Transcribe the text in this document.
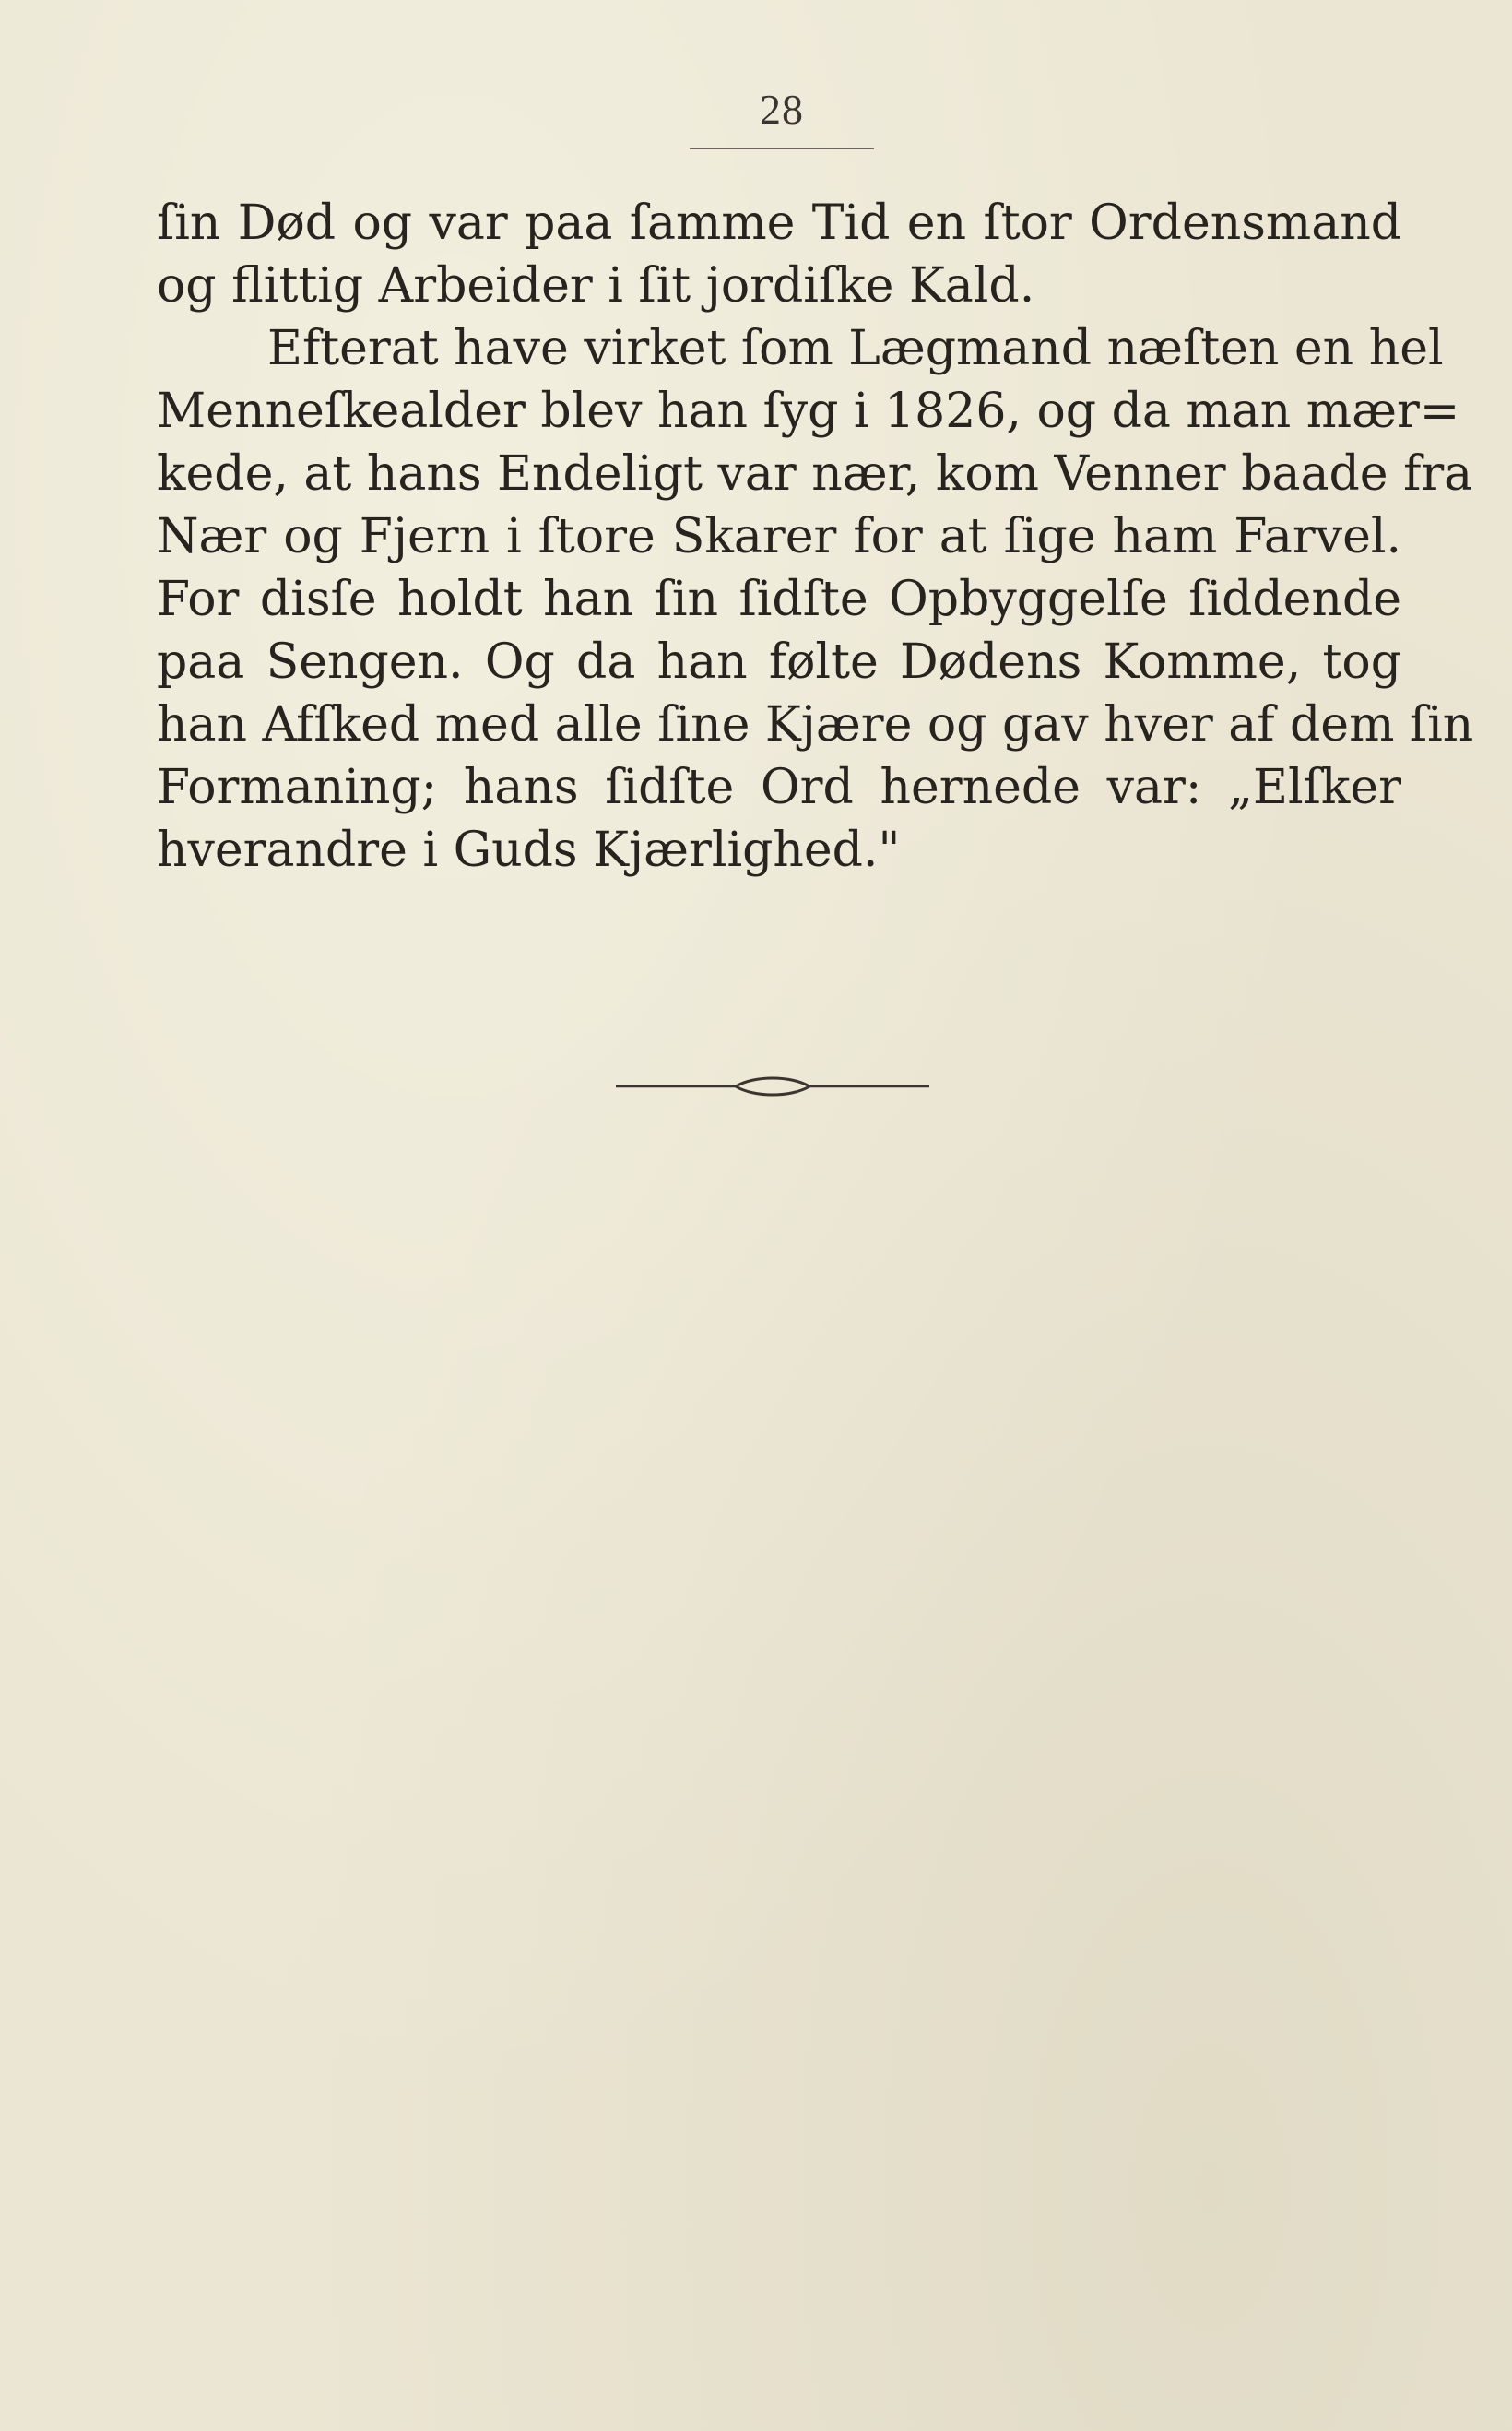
28
ſin Død og var paa ſamme Tid en ſtor Ordensmand
og flittig Arbeider i ſit jordiſke Kald.
Efterat have virket ſom Lægmand næſten en hel
Menneſkealder blev han ſyg i 1826, og da man mær=
kede, at hans Endeligt var nær, kom Venner baade fra
Nær og Fjern i ſtore Skarer for at ſige ham Farvel.
For disſe holdt han ſin ſidſte Opbyggelſe ſiddende
paa Sengen. Og da han følte Dødens Komme, tog
han Afſked med alle ſine Kjære og gav hver af dem ſin
Formaning; hans ſidſte Ord hernede var: „Elſker
hverandre i Guds Kjærlighed."
